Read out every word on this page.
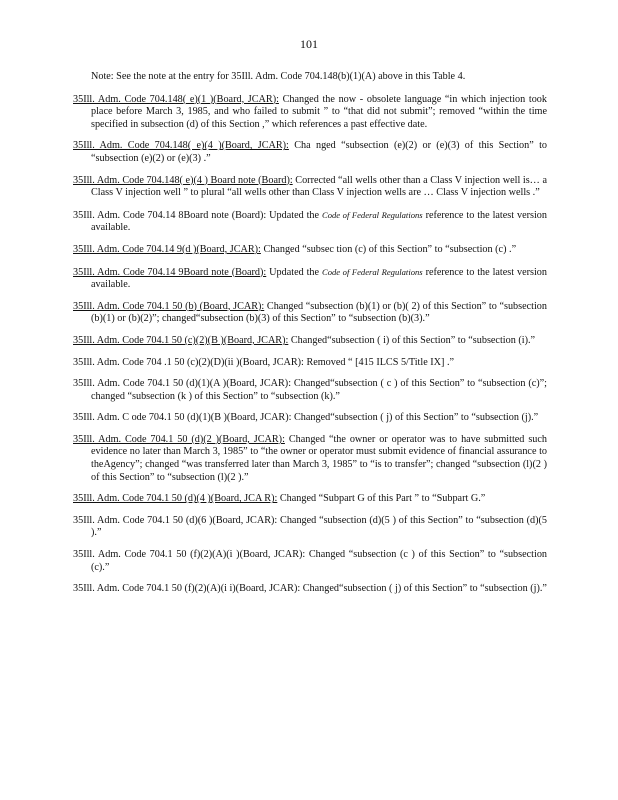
101
Note: See the note at the entry for 35Ill. Adm. Code 704.148(b)(1)(A) above in this Table 4.
35Ill. Adm. Code 704.148( e)(1 )(Board, JCAR): Changed the now - obsolete language “in which injection took place before March 3, 1985, and who failed to submit ” to “that did not submit”; removed “within the time specified in subsection (d) of this Section ,” which references a past effective date.
35Ill. Adm. Code 704.148( e)(4 )(Board, JCAR): Cha nged “subsection (e)(2) or (e)(3) of this Section” to “subsection (e)(2) or (e)(3) .”
35Ill. Adm. Code 704.148( e)(4 ) Board note (Board): Corrected “all wells other than a Class V injection well is… a Class V injection well ” to plural “all wells other than Class V injection wells are … Class V injection wells .”
35Ill. Adm. Code 704.14 8Board note (Board): Updated the Code of Federal Regulations reference to the latest version available.
35Ill. Adm. Code 704.14 9(d )(Board, JCAR): Changed “subsec tion (c) of this Section” to “subsection (c) .”
35Ill. Adm. Code 704.14 9Board note (Board): Updated the Code of Federal Regulations reference to the latest version available.
35Ill. Adm. Code 704.1 50 (b) (Board, JCAR): Changed “subsection (b)(1) or (b)( 2) of this Section” to “subsection (b)(1) or (b)(2)”; changed“subsection (b)(3) of this Section” to “subsection (b)(3).”
35Ill. Adm. Code 704.1 50 (c)(2)(B )(Board, JCAR): Changed“subsection ( i) of this Section” to “subsection (i).”
35Ill. Adm. Code 704 .1 50 (c)(2)(D)(ii )(Board, JCAR): Removed “ [415 ILCS 5/Title IX] .”
35Ill. Adm. Code 704.1 50 (d)(1)(A )(Board, JCAR): Changed“subsection ( c ) of this Section” to “subsection (c)”; changed “subsection (k ) of this Section” to “subsection (k).”
35Ill. Adm. C ode 704.1 50 (d)(1)(B )(Board, JCAR): Changed“subsection ( j) of this Section” to “subsection (j).”
35Ill. Adm. Code 704.1 50 (d)(2 )(Board, JCAR): Changed “the owner or operator was to have submitted such evidence no later than March 3, 1985” to “the owner or operator must submit evidence of financial assurance to theAgency”; changed “was transferred later than March 3, 1985” to “is to transfer”; changed “subsection (l)(2 ) of this Section” to “subsection (l)(2 ).”
35Ill. Adm. Code 704.1 50 (d)(4 )(Board, JCA R): Changed “Subpart G of this Part ” to “Subpart G.”
35Ill. Adm. Code 704.1 50 (d)(6 )(Board, JCAR): Changed “subsection (d)(5 ) of this Section” to “subsection (d)(5 ).”
35Ill. Adm. Code 704.1 50 (f)(2)(A)(i )(Board, JCAR): Changed “subsection (c ) of this Section” to “subsection (c).”
35Ill. Adm. Code 704.1 50 (f)(2)(A)(i i)(Board, JCAR): Changed“subsection ( j) of this Section” to “subsection (j).”
